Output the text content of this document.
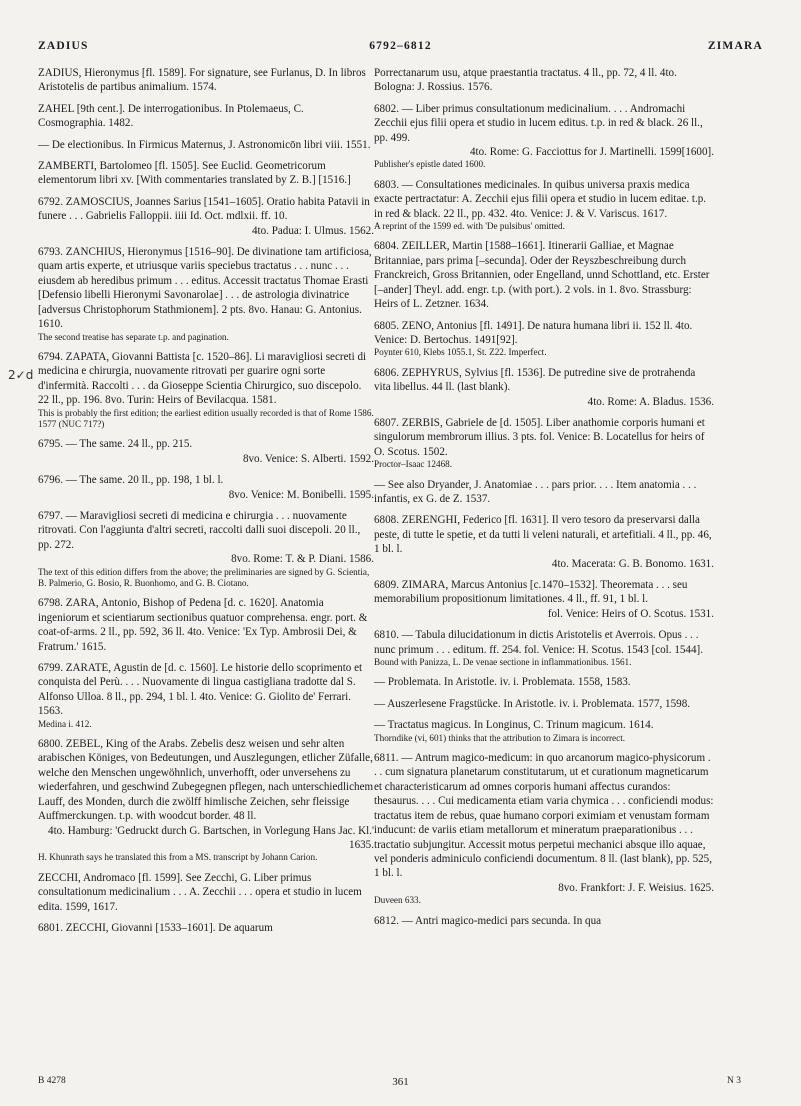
ZADIUS	6792–6812	ZIMARA
2✓d

ZADIUS, Hieronymus [fl. 1589]. For signature, see Furlanus, D. In libros Aristotelis de partibus animalium. 1574.

ZAHEL [9th cent.]. De interrogationibus. In Ptolemaeus, C. Cosmographia. 1482.

— De electionibus. In Firmicus Maternus, J. Astronomicōn libri viii. 1551.

ZAMBERTI, Bartolomeo [fl. 1505]. See Euclid. Geometricorum elementorum libri xv. [With commentaries translated by Z. B.] [1516.]

6792. ZAMOSCIUS, Joannes Sarius [1541–1605]. Oratio habita Patavii in funere . . . Gabrielis Falloppii. iiii Id. Oct. mdlxii. ff. 10.

4to. Padua: I. Ulmus. 1562.

6793. ZANCHIUS, Hieronymus [1516–90]. De divinatione tam artificiosa, quam artis experte, et utriusque variis speciebus tractatus . . . nunc . . . eiusdem ab heredibus primum . . . editus. Accessit tractatus Thomae Erasti [Defensio libelli Hieronymi Savonarolae] . . . de astrologia divinatrice [adversus Christophorum Stathmionem]. 2 pts. 8vo. Hanau: G. Antonius. 1610.

The second treatise has separate t.p. and pagination.

6794. ZAPATA, Giovanni Battista [c. 1520–86]. Li maravigliosi secreti di medicina e chirurgia, nuovamente ritrovati per guarire ogni sorte d'infermità. Raccolti . . . da Gioseppe Scientia Chirurgico, suo discepolo. 22 ll., pp. 196. 8vo. Turin: Heirs of Bevilacqua. 1581.

This is probably the first edition; the earliest edition usually recorded is that of Rome 1586. 1577 (NUC 717?)

6795. — The same. 24 ll., pp. 215.

8vo. Venice: S. Alberti. 1592.

6796. — The same. 20 ll., pp. 198, 1 bl. l.

8vo. Venice: M. Bonibelli. 1595.

6797. — Maravigliosi secreti di medicina e chirurgia . . . nuovamente ritrovati. Con l'aggiunta d'altri secreti, raccolti dalli suoi discepoli. 20 ll., pp. 272.

8vo. Rome: T. & P. Diani. 1586.

The text of this edition differs from the above; the preliminaries are signed by G. Scientia, B. Palmerio, G. Bosio, R. Buonhomo, and G. B. Ciotano.

6798. ZARA, Antonio, Bishop of Pedena [d. c. 1620]. Anatomia ingeniorum et scientiarum sectionibus quatuor comprehensa. engr. port. & coat-of-arms. 2 ll., pp. 592, 36 ll. 4to. Venice: 'Ex Typ. Ambrosii Dei, & Fratrum.' 1615.

6799. ZARATE, Agustin de [d. c. 1560]. Le historie dello scoprimento et conquista del Perù. . . . Nuovamente di lingua castigliana tradotte dal S. Alfonso Ulloa. 8 ll., pp. 294, 1 bl. l. 4to. Venice: G. Giolito de' Ferrari. 1563.

Medina i. 412.

6800. ZEBEL, King of the Arabs. Zebelis desz weisen und sehr alten arabischen Königes, von Bedeutungen, und Auszlegungen, etlicher Züfalle, welche den Menschen ungewöhnlich, unverhofft, oder unversehens zu wiederfahren, und geschwind Zubegegnen pflegen, nach unterschiedlichem Lauff, des Monden, durch die zwölff himlische Zeichen, sehr fleissige Auffmerckungen. t.p. with woodcut border. 48 ll.

4to. Hamburg: 'Gedruckt durch G. Bartschen, in Vorlegung Hans Jac. Kl.' 1635.

H. Khunrath says he translated this from a MS. transcript by Johann Carion.

ZECCHI, Andromaco [fl. 1599]. See Zecchi, G. Liber primus consultationum medicinalium . . . A. Zecchii . . . opera et studio in lucem edita. 1599, 1617.

6801. ZECCHI, Giovanni [1533–1601]. De aquarum

Porrectanarum usu, atque praestantia tractatus. 4 ll., pp. 72, 4 ll. 4to. Bologna: J. Rossius. 1576.

6802. — Liber primus consultationum medicinalium. . . . Andromachi Zecchii ejus filii opera et studio in lucem editus. t.p. in red & black. 26 ll., pp. 499.

4to. Rome: G. Facciottus for J. Martinelli. 1599[1600].

Publisher's epistle dated 1600.

6803. — Consultationes medicinales. In quibus universa praxis medica exacte pertractatur: A. Zecchii ejus filii opera et studio in lucem editae. t.p. in red & black. 22 ll., pp. 432. 4to. Venice: J. & V. Variscus. 1617.

A reprint of the 1599 ed. with 'De pulsibus' omitted.

6804. ZEILLER, Martin [1588–1661]. Itinerarii Galliae, et Magnae Britanniae, pars prima [–secunda]. Oder der Reyszbeschreibung durch Franckreich, Gross Britannien, oder Engelland, unnd Schottland, etc. Erster [–ander] Theyl. add. engr. t.p. (with port.). 2 vols. in 1. 8vo. Strassburg: Heirs of L. Zetzner. 1634.

6805. ZENO, Antonius [fl. 1491]. De natura humana libri ii. 152 ll. 4to. Venice: D. Bertochus. 1491[92].

Poynter 610, Klebs 1055.1, St. Z22. Imperfect.

6806. ZEPHYRUS, Sylvius [fl. 1536]. De putredine sive de protrahenda vita libellus. 44 ll. (last blank).

4to. Rome: A. Bladus. 1536.

6807. ZERBIS, Gabriele de [d. 1505]. Liber anathomie corporis humani et singulorum membrorum illius. 3 pts. fol. Venice: B. Locatellus for heirs of O. Scotus. 1502.

Proctor–Isaac 12468.

— See also Dryander, J. Anatomiae . . . pars prior. . . . Item anatomia . . . infantis, ex G. de Z. 1537.

6808. ZERENGHI, Federico [fl. 1631]. Il vero tesoro da preservarsi dalla peste, di tutte le spetie, et da tutti li veleni naturali, et artefitiali. 4 ll., pp. 46, 1 bl. l.

4to. Macerata: G. B. Bonomo. 1631.

6809. ZIMARA, Marcus Antonius [c.1470–1532]. Theoremata . . . seu memorabilium propositionum limitationes. 4 ll., ff. 91, 1 bl. l.

fol. Venice: Heirs of O. Scotus. 1531.

6810. — Tabula dilucidationum in dictis Aristotelis et Averrois. Opus . . . nunc primum . . . editum. ff. 254. fol. Venice: H. Scotus. 1543 [col. 1544].

Bound with Panizza, L. De venae sectione in inflammationibus. 1561.

— Problemata. In Aristotle. iv. i. Problemata. 1558, 1583.

— Auszerlesene Fragstücke. In Aristotle. iv. i. Problemata. 1577, 1598.

— Tractatus magicus. In Longinus, C. Trinum magicum. 1614.

Thorndike (vi, 601) thinks that the attribution to Zimara is incorrect.

6811. — Antrum magico-medicum: in quo arcanorum magico-physicorum . . . cum signatura planetarum constitutarum, ut et curationum magneticarum et characteristicarum ad omnes corporis humani affectus curandos: thesaurus. . . . Cui medicamenta etiam varia chymica . . . conficiendi modus: tractatus item de rebus, quae humano corpori eximiam et venustam formam inducunt: de variis etiam metallorum et mineratum praeparationibus . . . tractatio subjungitur. Accessit motus perpetui mechanici absque illo aquae, vel ponderis adminiculo conficiendi documentum. 8 ll. (last blank), pp. 525, 1 bl. l.

8vo. Frankfort: J. F. Weisius. 1625.

Duveen 633.

6812. — Antri magico-medici pars secunda. In qua

B 4278	361	N 3
